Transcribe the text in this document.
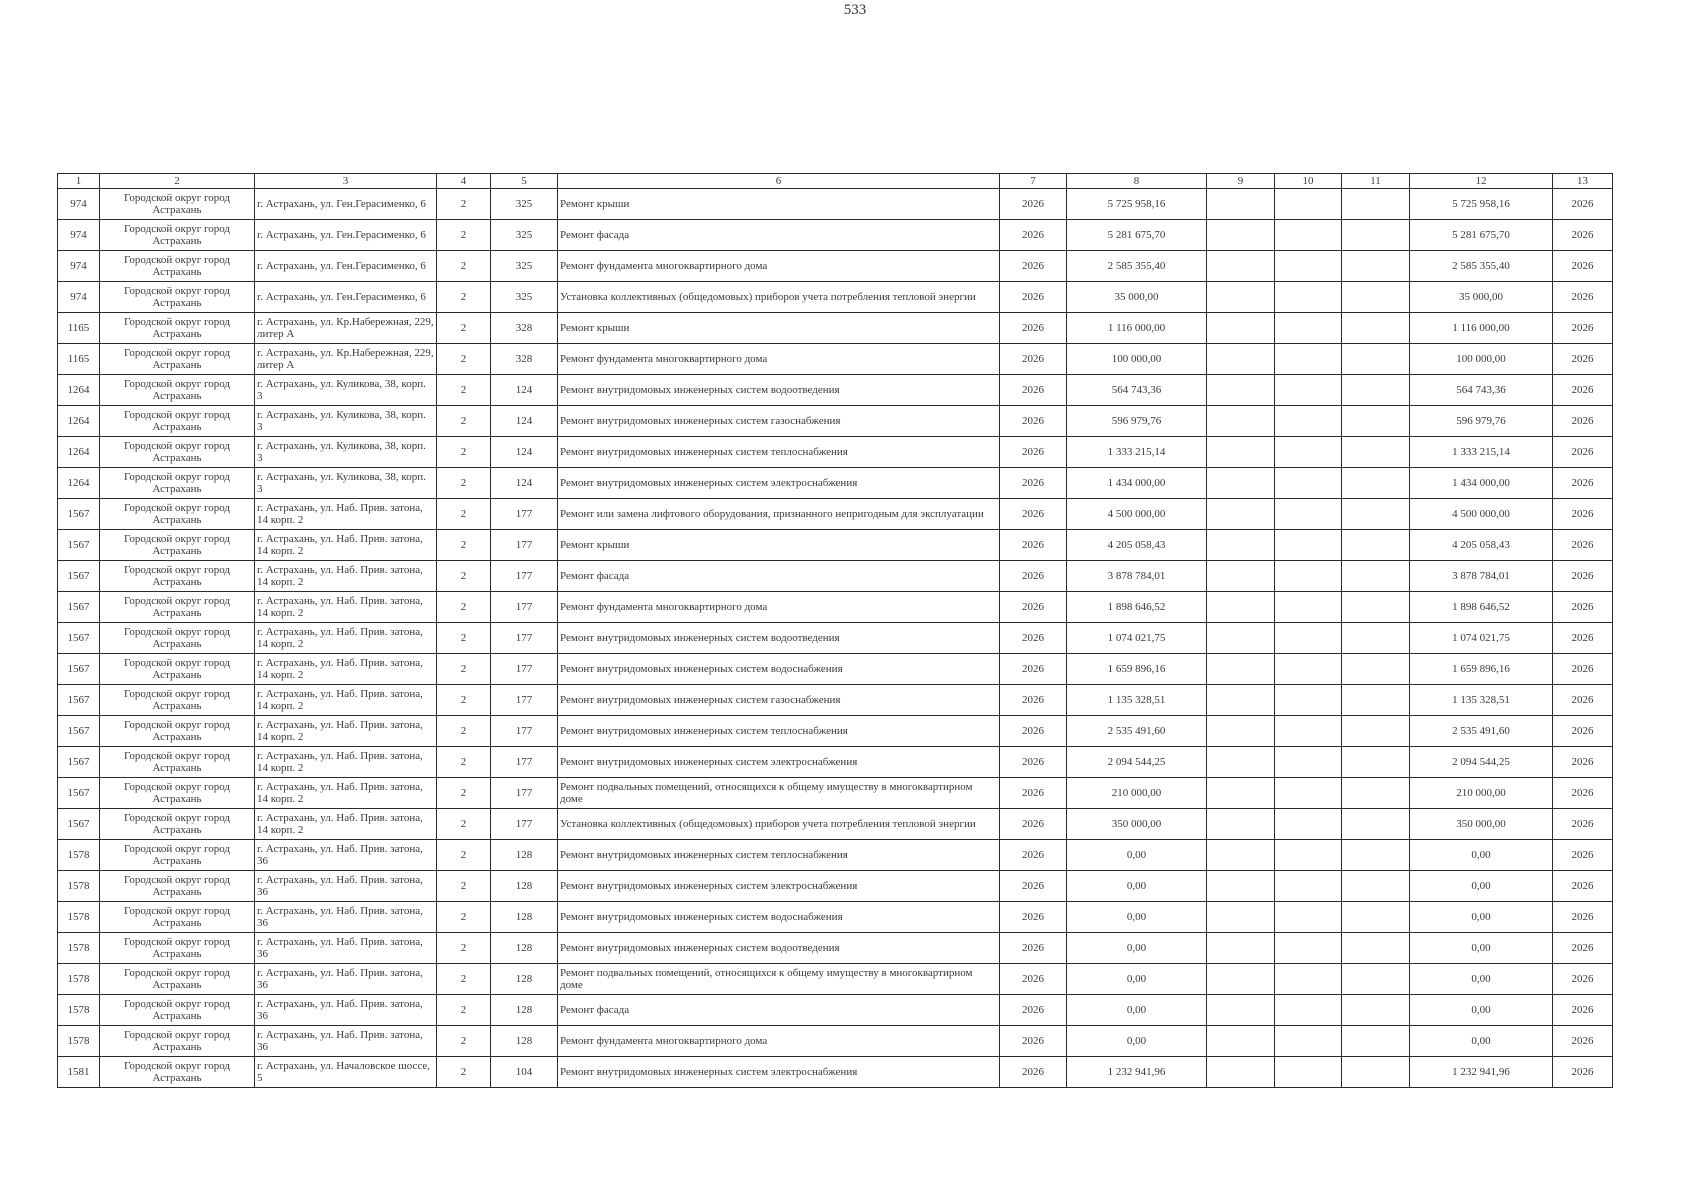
533
1	2	3	4	5	6	7	8	9	10	11	12	13
974	Городской округ город Астрахань	г. Астрахань, ул. Ген.Герасименко, 6	2	325	Ремонт крыши	2026	5 725 958,16				5 725 958,16	2026
974	Городской округ город Астрахань	г. Астрахань, ул. Ген.Герасименко, 6	2	325	Ремонт фасада	2026	5 281 675,70				5 281 675,70	2026
974	Городской округ город Астрахань	г. Астрахань, ул. Ген.Герасименко, 6	2	325	Ремонт фундамента многоквартирного дома	2026	2 585 355,40				2 585 355,40	2026
974	Городской округ город Астрахань	г. Астрахань, ул. Ген.Герасименко, 6	2	325	Установка коллективных (общедомовых) приборов учета потребления тепловой энергии	2026	35 000,00				35 000,00	2026
1165	Городской округ город Астрахань	г. Астрахань, ул. Кр.Набережная, 229, литер А	2	328	Ремонт крыши	2026	1 116 000,00				1 116 000,00	2026
1165	Городской округ город Астрахань	г. Астрахань, ул. Кр.Набережная, 229, литер А	2	328	Ремонт фундамента многоквартирного дома	2026	100 000,00				100 000,00	2026
1264	Городской округ город Астрахань	г. Астрахань, ул. Куликова, 38, корп. 3	2	124	Ремонт внутридомовых инженерных систем водоотведения	2026	564 743,36				564 743,36	2026
1264	Городской округ город Астрахань	г. Астрахань, ул. Куликова, 38, корп. 3	2	124	Ремонт внутридомовых инженерных систем газоснабжения	2026	596 979,76				596 979,76	2026
1264	Городской округ город Астрахань	г. Астрахань, ул. Куликова, 38, корп. 3	2	124	Ремонт внутридомовых инженерных систем теплоснабжения	2026	1 333 215,14				1 333 215,14	2026
1264	Городской округ город Астрахань	г. Астрахань, ул. Куликова, 38, корп. 3	2	124	Ремонт внутридомовых инженерных систем электроснабжения	2026	1 434 000,00				1 434 000,00	2026
1567	Городской округ город Астрахань	г. Астрахань, ул. Наб. Прив. затона, 14 корп. 2	2	177	Ремонт или замена лифтового оборудования, признанного непригодным для эксплуатации	2026	4 500 000,00				4 500 000,00	2026
1567	Городской округ город Астрахань	г. Астрахань, ул. Наб. Прив. затона, 14 корп. 2	2	177	Ремонт крыши	2026	4 205 058,43				4 205 058,43	2026
1567	Городской округ город Астрахань	г. Астрахань, ул. Наб. Прив. затона, 14 корп. 2	2	177	Ремонт фасада	2026	3 878 784,01				3 878 784,01	2026
1567	Городской округ город Астрахань	г. Астрахань, ул. Наб. Прив. затона, 14 корп. 2	2	177	Ремонт фундамента многоквартирного дома	2026	1 898 646,52				1 898 646,52	2026
1567	Городской округ город Астрахань	г. Астрахань, ул. Наб. Прив. затона, 14 корп. 2	2	177	Ремонт внутридомовых инженерных систем водоотведения	2026	1 074 021,75				1 074 021,75	2026
1567	Городской округ город Астрахань	г. Астрахань, ул. Наб. Прив. затона, 14 корп. 2	2	177	Ремонт внутридомовых инженерных систем водоснабжения	2026	1 659 896,16				1 659 896,16	2026
1567	Городской округ город Астрахань	г. Астрахань, ул. Наб. Прив. затона, 14 корп. 2	2	177	Ремонт внутридомовых инженерных систем газоснабжения	2026	1 135 328,51				1 135 328,51	2026
1567	Городской округ город Астрахань	г. Астрахань, ул. Наб. Прив. затона, 14 корп. 2	2	177	Ремонт внутридомовых инженерных систем теплоснабжения	2026	2 535 491,60				2 535 491,60	2026
1567	Городской округ город Астрахань	г. Астрахань, ул. Наб. Прив. затона, 14 корп. 2	2	177	Ремонт внутридомовых инженерных систем электроснабжения	2026	2 094 544,25				2 094 544,25	2026
1567	Городской округ город Астрахань	г. Астрахань, ул. Наб. Прив. затона, 14 корп. 2	2	177	Ремонт подвальных помещений, относящихся к общему имуществу в многоквартирном доме	2026	210 000,00				210 000,00	2026
1567	Городской округ город Астрахань	г. Астрахань, ул. Наб. Прив. затона, 14 корп. 2	2	177	Установка коллективных (общедомовых) приборов учета потребления тепловой энергии	2026	350 000,00				350 000,00	2026
1578	Городской округ город Астрахань	г. Астрахань, ул. Наб. Прив. затона, 36	2	128	Ремонт внутридомовых инженерных систем теплоснабжения	2026	0,00				0,00	2026
1578	Городской округ город Астрахань	г. Астрахань, ул. Наб. Прив. затона, 36	2	128	Ремонт внутридомовых инженерных систем электроснабжения	2026	0,00				0,00	2026
1578	Городской округ город Астрахань	г. Астрахань, ул. Наб. Прив. затона, 36	2	128	Ремонт внутридомовых инженерных систем водоснабжения	2026	0,00				0,00	2026
1578	Городской округ город Астрахань	г. Астрахань, ул. Наб. Прив. затона, 36	2	128	Ремонт внутридомовых инженерных систем водоотведения	2026	0,00				0,00	2026
1578	Городской округ город Астрахань	г. Астрахань, ул. Наб. Прив. затона, 36	2	128	Ремонт подвальных помещений, относящихся к общему имуществу в многоквартирном доме	2026	0,00				0,00	2026
1578	Городской округ город Астрахань	г. Астрахань, ул. Наб. Прив. затона, 36	2	128	Ремонт фасада	2026	0,00				0,00	2026
1578	Городской округ город Астрахань	г. Астрахань, ул. Наб. Прив. затона, 36	2	128	Ремонт фундамента многоквартирного дома	2026	0,00				0,00	2026
1581	Городской округ город Астрахань	г. Астрахань, ул. Началовское шоссе, 5	2	104	Ремонт внутридомовых инженерных систем электроснабжения	2026	1 232 941,96				1 232 941,96	2026
